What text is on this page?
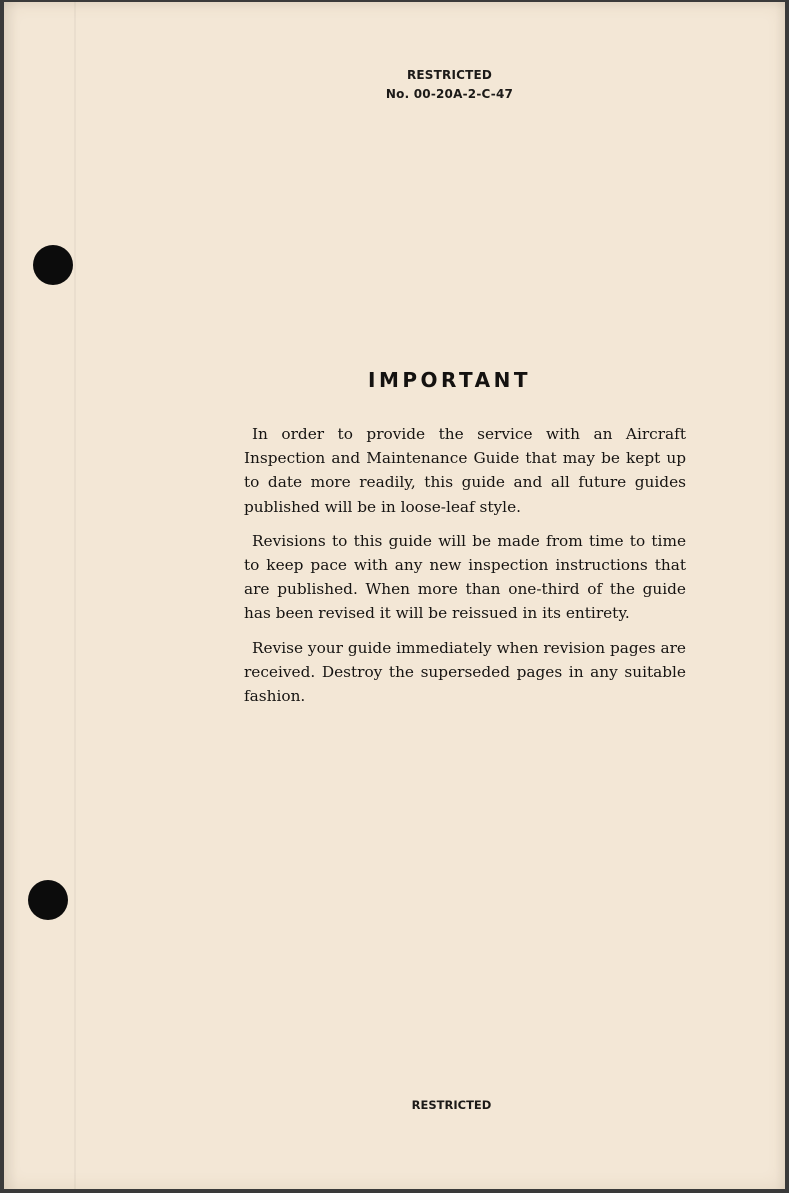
RESTRICTED
No. 00-20A-2-C-47
IMPORTANT

In order to provide the service with an Aircraft Inspection and Maintenance Guide that may be kept up to date more readily, this guide and all future guides published will be in loose-leaf style.

Revisions to this guide will be made from time to time to keep pace with any new inspection instructions that are published. When more than one-third of the guide has been revised it will be reissued in its entirety.

Revise your guide immediately when revision pages are received. Destroy the superseded pages in any suitable fashion.

RESTRICTED
